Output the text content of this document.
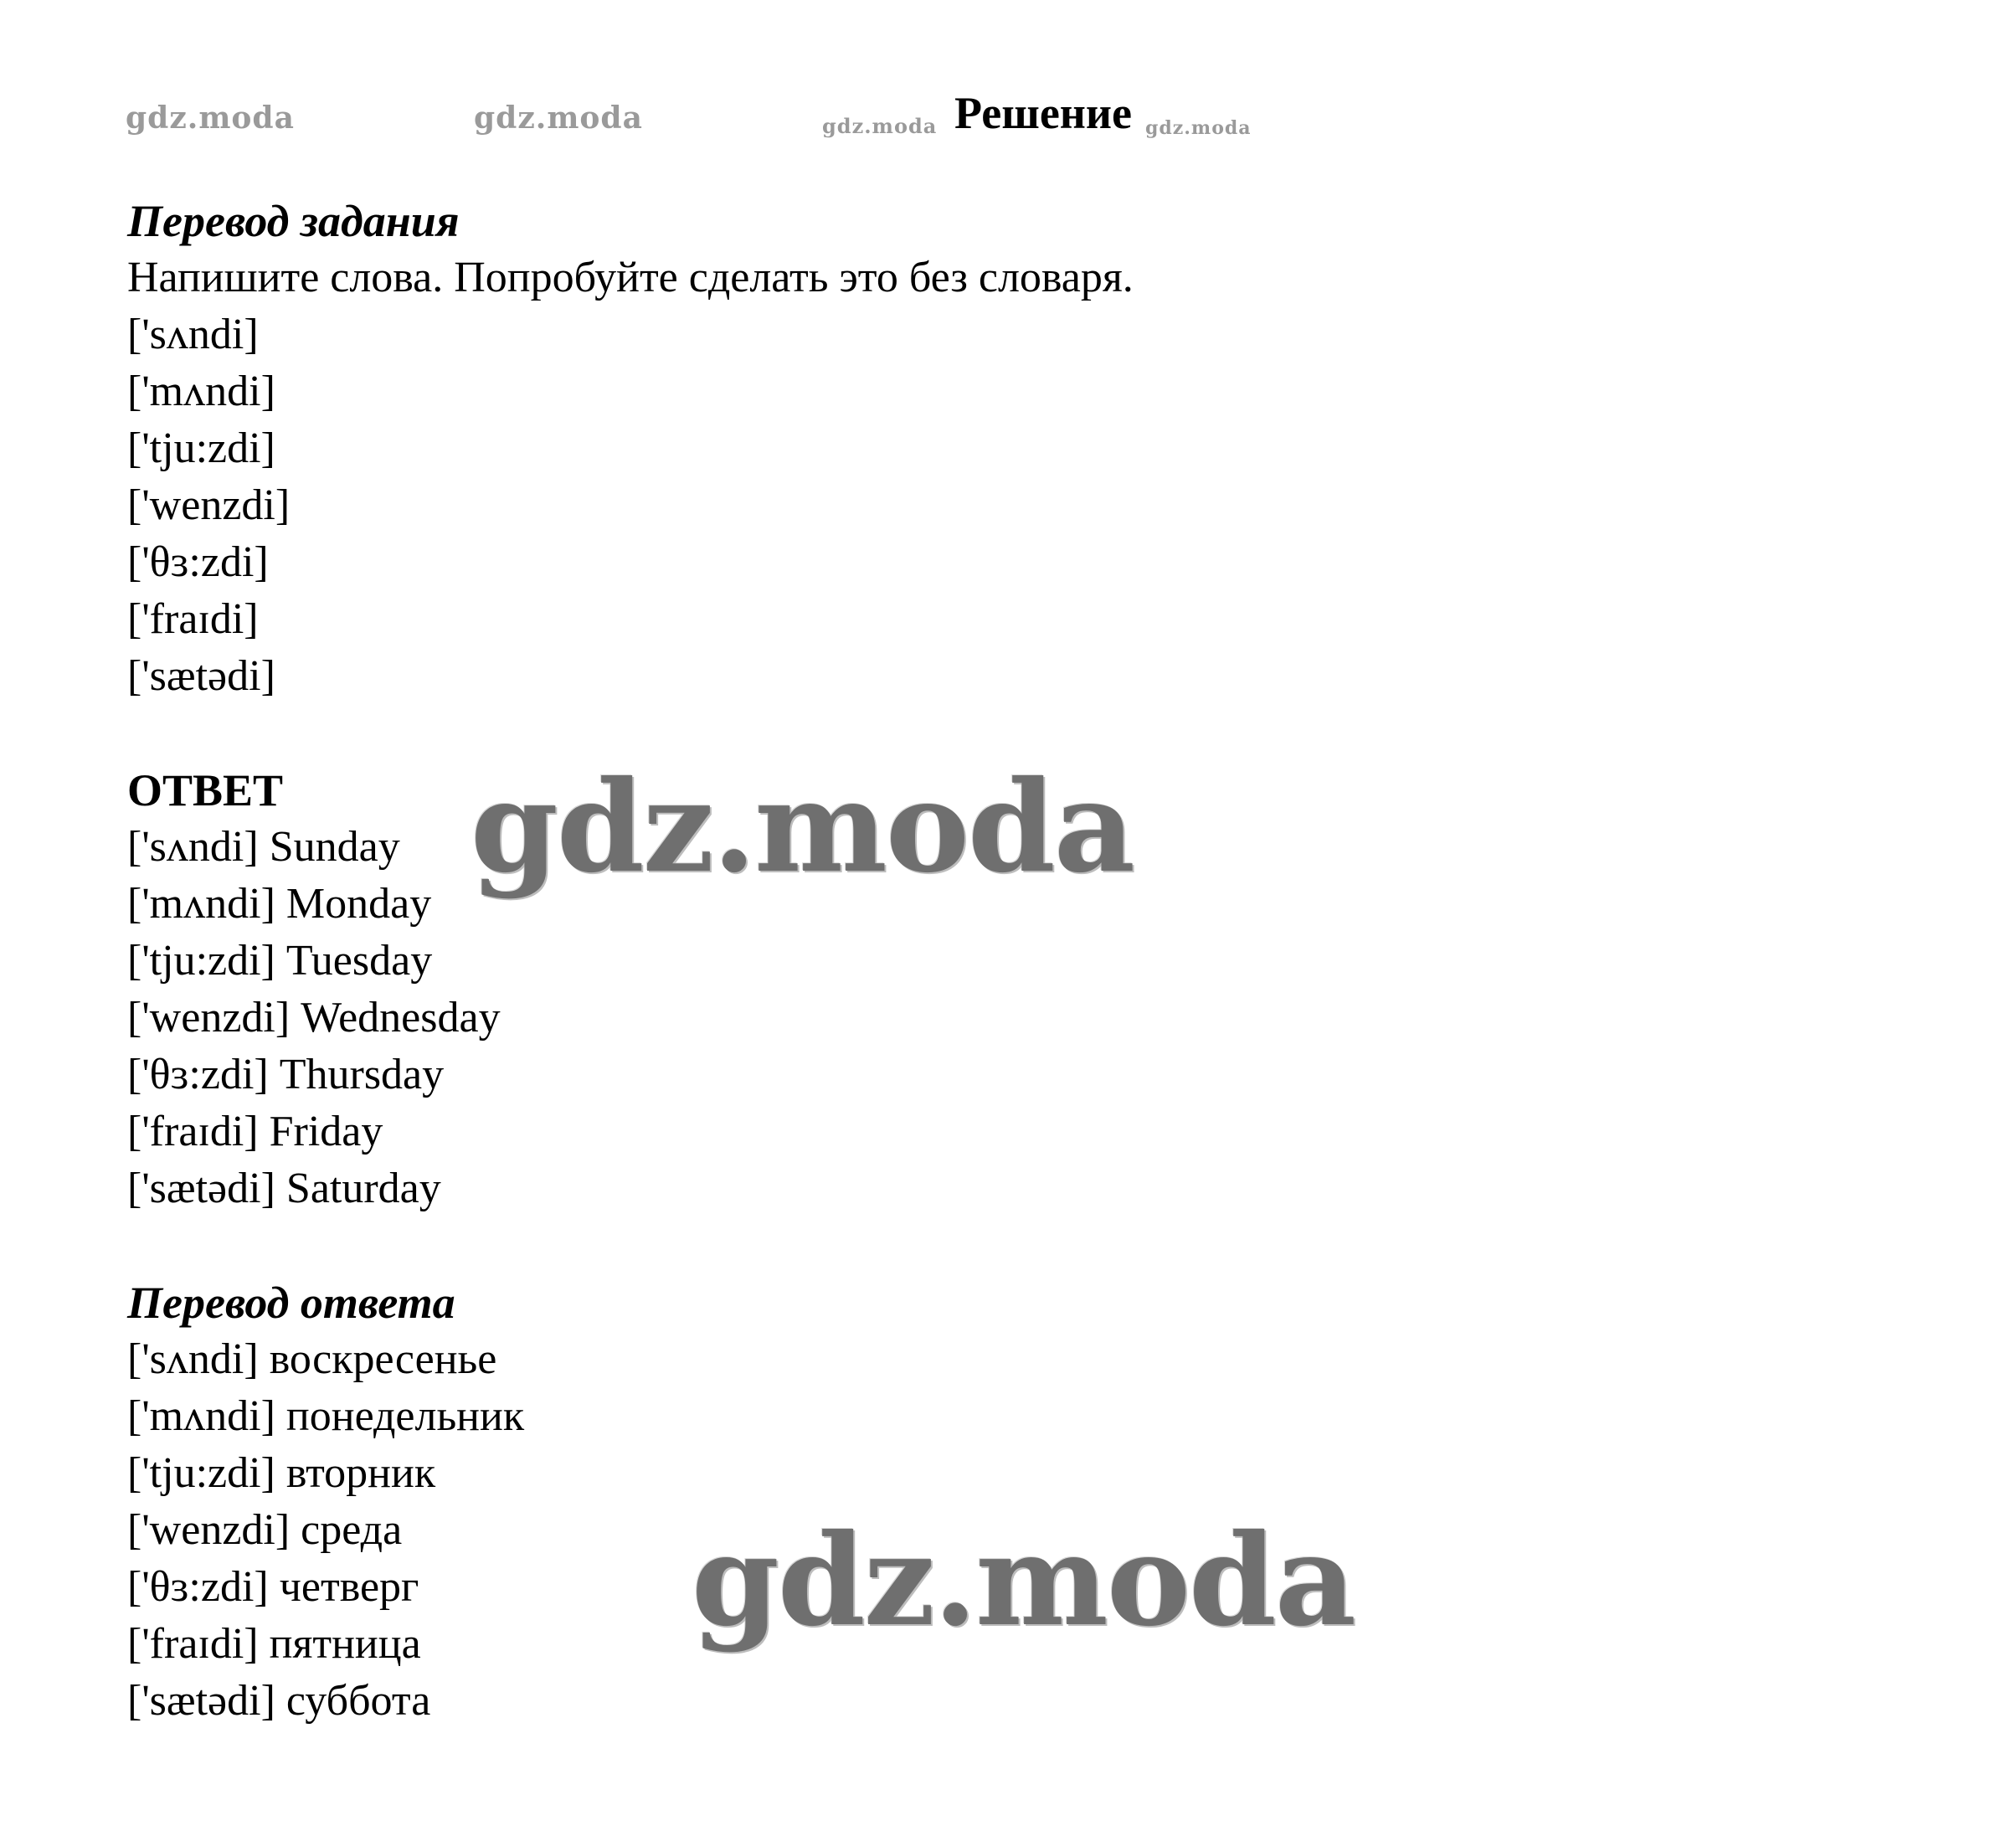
gdz.moda	gdz.moda	gdz.moda Решение gdz.moda
Перевод задания
Напишите слова. Попробуйте сделать это без словаря.
['sʌndi]
['mʌndi]
['tju:zdi]
['wenzdi]
['θɜ:zdi]
['fraɪdi]
['sætədi]
ОТВЕТ
['sʌndi] Sunday
['mʌndi] Monday
['tju:zdi] Tuesday
['wenzdi] Wednesday
['θɜ:zdi] Thursday
['fraɪdi] Friday
['sætədi] Saturday
Перевод ответа
['sʌndi] воскресенье
['mʌndi] понедельник
['tju:zdi] вторник
['wenzdi] среда
['θɜ:zdi] четверг
['fraɪdi] пятница
['sætədi] суббота
gdz.moda
gdz.moda
